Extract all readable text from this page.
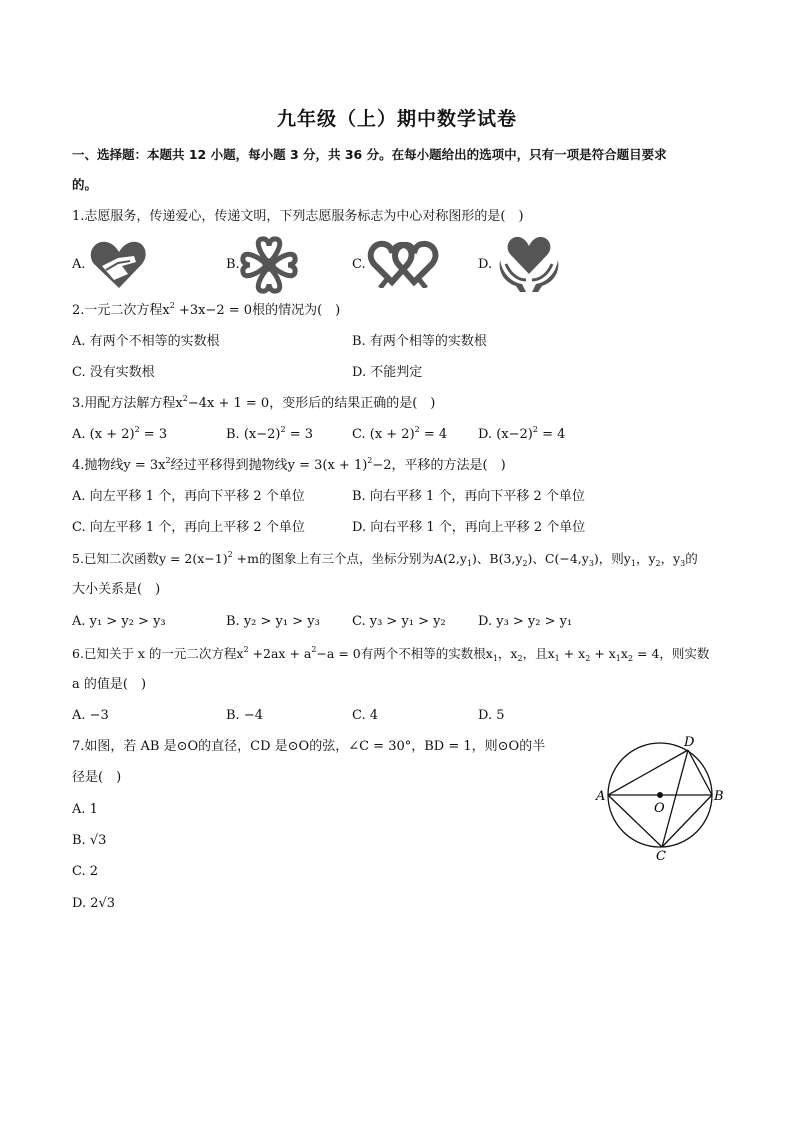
九年级（上）期中数学试卷
一、选择题：本题共 12 小题，每小题 3 分，共 36 分。在每小题给出的选项中，只有一项是符合题目要求
的。
1.志愿服务，传递爱心，传递文明，下列志愿服务标志为中心对称图形的是(　)
A.	B.	C.	D.
2.一元二次方程$x^2 +3x-2 = 0$根的情况为(　)
A. 有两个不相等的实数根	B. 有两个相等的实数根
C. 没有实数根	D. 不能判定
3.用配方法解方程$x^2-4x + 1 = 0$，变形后的结果正确的是(　)
A. $(x + 2)^2 = 3$	B. $(x-2)^2 = 3$	C. $(x + 2)^2 = 4$ D. $(x-2)^2 = 4$
4.抛物线$y = 3x^2$经过平移得到抛物线$y = 3(x + 1)^2-2$，平移的方法是(　)
A. 向左平移 1 个，再向下平移 2 个单位	B. 向右平移 1 个，再向下平移 2 个单位
C. 向左平移 1 个，再向上平移 2 个单位	D. 向右平移 1 个，再向上平移 2 个单位
5.已知二次函数$y = 2(x-1)^2 +m$的图象上有三个点，坐标分别为$A(2,y_1)$、$B(3,y_2)$、$C(-4,y_3)$，则$y_1$，$y_2$，$y_3$的
大小关系是(　)
A. y₁ > y₂ > y₃	B. y₂ > y₁ > y₃ C. y₃ > y₁ > y₂ D. y₃ > y₂ > y₁
6.已知关于 x 的一元二次方程$x^2 +2ax + a^2-a = 0$有两个不相等的实数根$x_1$，$x_2$，且$x_1 + x_2 + x_1x_2 = 4$，则实数
a 的值是(　)
A. −3	B. −4	C. 4	D. 5
7.如图，若 AB 是⊙O的直径，CD 是⊙O的弦，∠C = 30°，BD = 1，则⊙O的半
径是(　)
A. 1
B. √3
C. 2
D. 2√3
A	B
D
C
O
